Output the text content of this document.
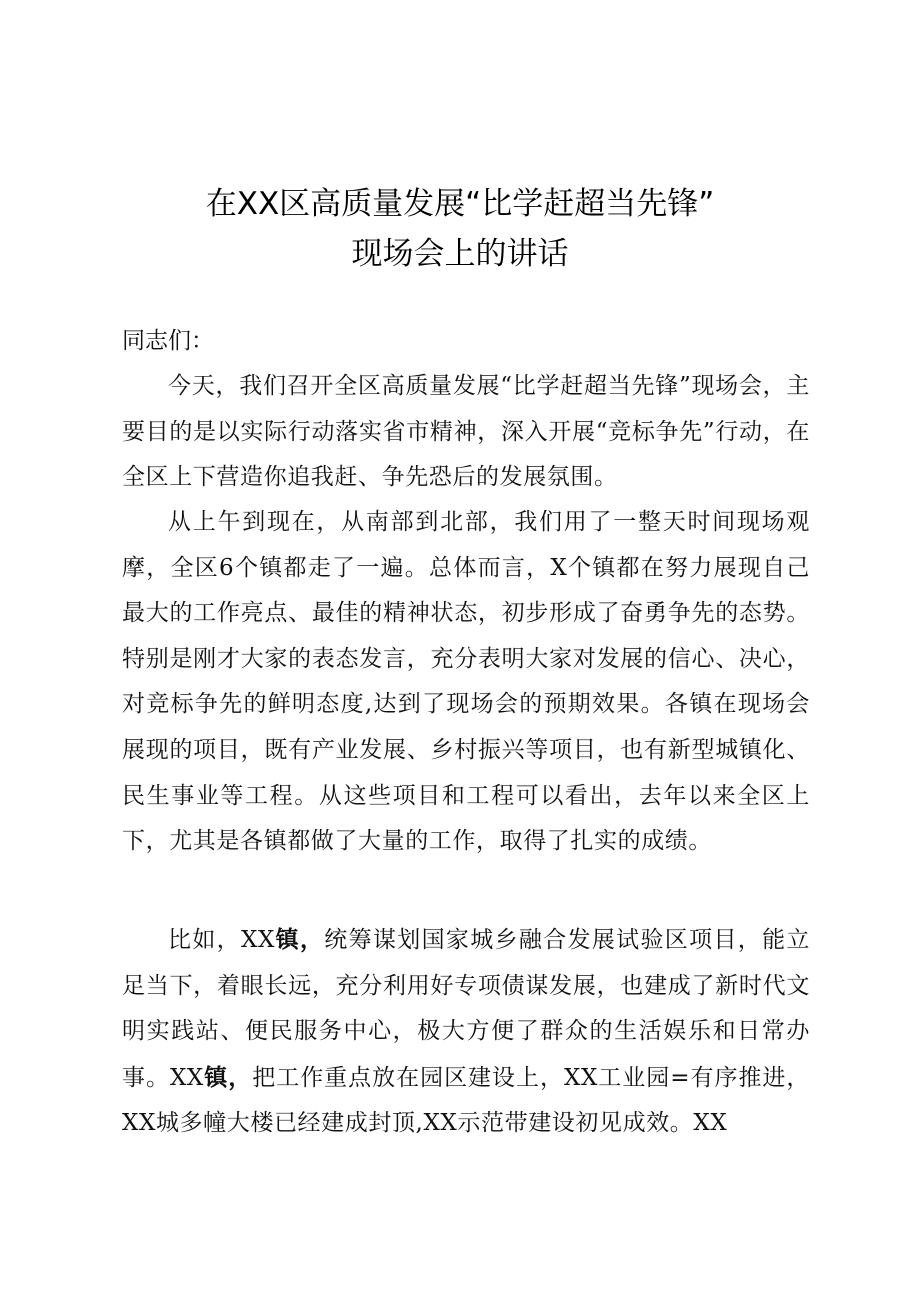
在XX区高质量发展“比学赶超当先锋”
现场会上的讲话

同志们：

今天，我们召开全区高质量发展“比学赶超当先锋”现场会，主要目的是以实际行动落实省市精神，深入开展“竞标争先”行动，在全区上下营造你追我赶、争先恐后的发展氛围。

从上午到现在，从南部到北部，我们用了一整天时间现场观摩，全区6个镇都走了一遍。总体而言，X个镇都在努力展现自己最大的工作亮点、最佳的精神状态，初步形成了奋勇争先的态势。特别是刚才大家的表态发言，充分表明大家对发展的信心、决心，对竞标争先的鲜明态度,达到了现场会的预期效果。各镇在现场会展现的项目，既有产业发展、乡村振兴等项目，也有新型城镇化、民生事业等工程。从这些项目和工程可以看出，去年以来全区上下，尤其是各镇都做了大量的工作，取得了扎实的成绩。

比如，XX镇，统筹谋划国家城乡融合发展试验区项目，能立足当下，着眼长远，充分利用好专项债谋发展，也建成了新时代文明实践站、便民服务中心，极大方便了群众的生活娱乐和日常办事。XX镇，把工作重点放在园区建设上，XX工业园=有序推进，XX城多幢大楼已经建成封顶,XX示范带建设初见成效。XX
